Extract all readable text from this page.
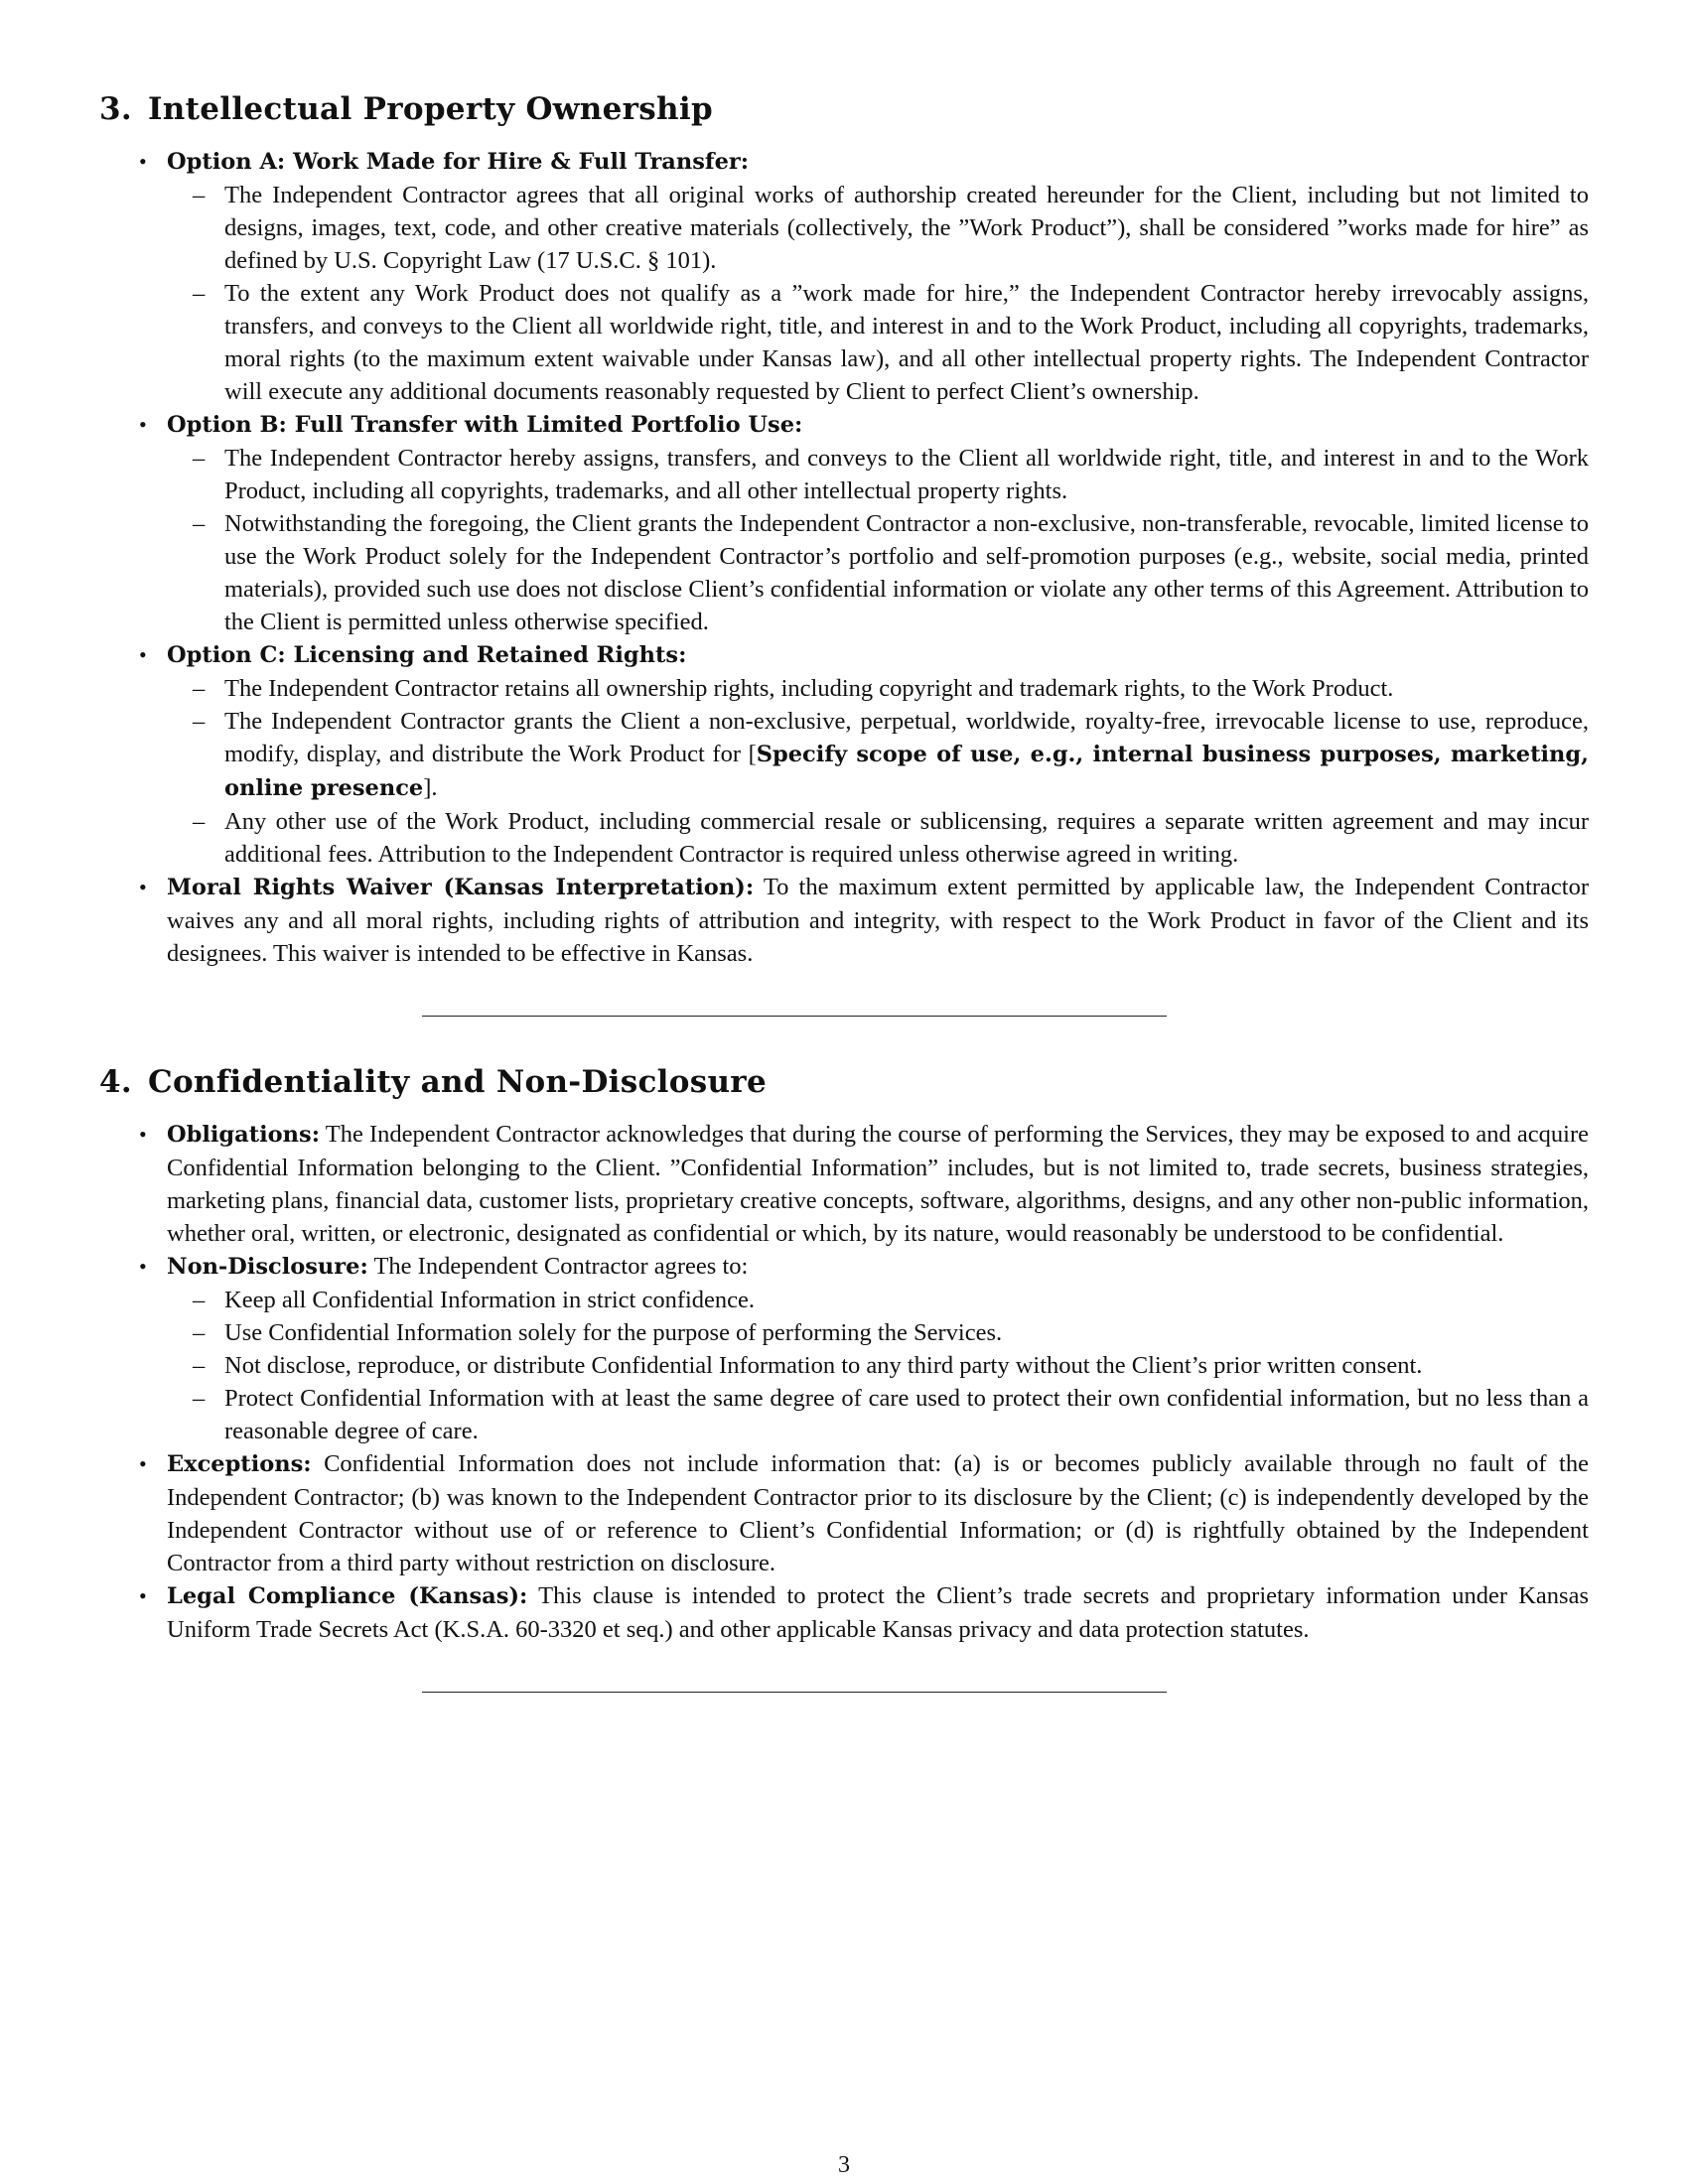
3. Intellectual Property Ownership
• Option A: Work Made for Hire & Full Transfer:
– The Independent Contractor agrees that all original works of authorship created hereunder for the Client, including but not limited to designs, images, text, code, and other creative materials (collectively, the ”Work Product”), shall be considered ”works made for hire” as defined by U.S. Copyright Law (17 U.S.C. § 101).
– To the extent any Work Product does not qualify as a ”work made for hire,” the Independent Contractor hereby irrevocably assigns, transfers, and conveys to the Client all worldwide right, title, and interest in and to the Work Product, including all copyrights, trademarks, moral rights (to the maximum extent waivable under Kansas law), and all other intellectual property rights. The Independent Contractor will execute any additional documents reasonably requested by Client to perfect Client’s ownership.
• Option B: Full Transfer with Limited Portfolio Use:
– The Independent Contractor hereby assigns, transfers, and conveys to the Client all worldwide right, title, and interest in and to the Work Product, including all copyrights, trademarks, and all other intellectual property rights.
– Notwithstanding the foregoing, the Client grants the Independent Contractor a non-exclusive, non-transferable, revocable, limited license to use the Work Product solely for the Independent Contractor’s portfolio and self-promotion purposes (e.g., website, social media, printed materials), provided such use does not disclose Client’s confidential information or violate any other terms of this Agreement. Attribution to the Client is permitted unless otherwise specified.
• Option C: Licensing and Retained Rights:
– The Independent Contractor retains all ownership rights, including copyright and trademark rights, to the Work Product.
– The Independent Contractor grants the Client a non-exclusive, perpetual, worldwide, royalty-free, irrevocable license to use, reproduce, modify, display, and distribute the Work Product for [Specify scope of use, e.g., internal business purposes, marketing, online presence].
– Any other use of the Work Product, including commercial resale or sublicensing, requires a separate written agreement and may incur additional fees. Attribution to the Independent Contractor is required unless otherwise agreed in writing.
• Moral Rights Waiver (Kansas Interpretation): To the maximum extent permitted by applicable law, the Independent Contractor waives any and all moral rights, including rights of attribution and integrity, with respect to the Work Product in favor of the Client and its designees. This waiver is intended to be effective in Kansas.
4. Confidentiality and Non-Disclosure
• Obligations: The Independent Contractor acknowledges that during the course of performing the Services, they may be exposed to and acquire Confidential Information belonging to the Client. ”Confidential Information” includes, but is not limited to, trade secrets, business strategies, marketing plans, financial data, customer lists, proprietary creative concepts, software, algorithms, designs, and any other non-public information, whether oral, written, or electronic, designated as confidential or which, by its nature, would reasonably be understood to be confidential.
• Non-Disclosure: The Independent Contractor agrees to:
– Keep all Confidential Information in strict confidence.
– Use Confidential Information solely for the purpose of performing the Services.
– Not disclose, reproduce, or distribute Confidential Information to any third party without the Client’s prior written consent.
– Protect Confidential Information with at least the same degree of care used to protect their own confidential information, but no less than a reasonable degree of care.
• Exceptions: Confidential Information does not include information that: (a) is or becomes publicly available through no fault of the Independent Contractor; (b) was known to the Independent Contractor prior to its disclosure by the Client; (c) is independently developed by the Independent Contractor without use of or reference to Client’s Confidential Information; or (d) is rightfully obtained by the Independent Contractor from a third party without restriction on disclosure.
• Legal Compliance (Kansas): This clause is intended to protect the Client’s trade secrets and proprietary information under Kansas Uniform Trade Secrets Act (K.S.A. 60-3320 et seq.) and other applicable Kansas privacy and data protection statutes.
3
